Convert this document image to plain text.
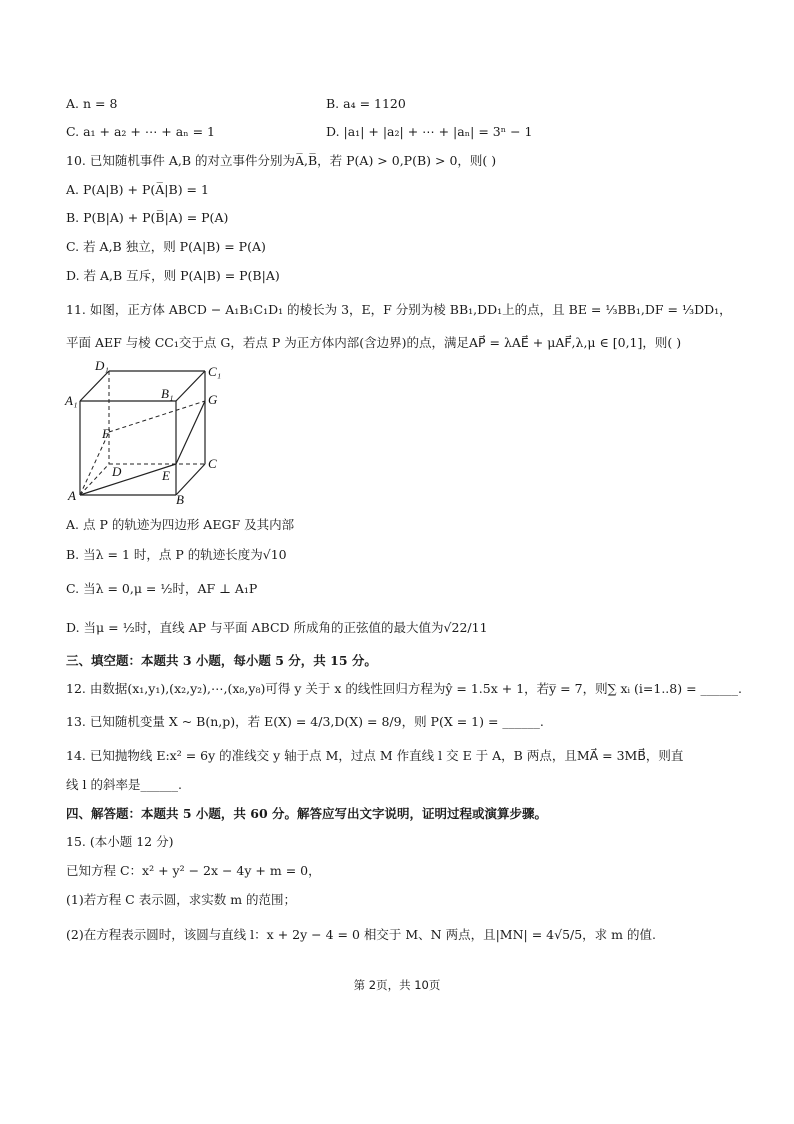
A. n = 8	B. a₄ = 1120
C. a₁ + a₂ + ⋯ + aₙ = 1	D. |a₁| + |a₂| + ⋯ + |aₙ| = 3ⁿ − 1
10. 已知随机事件 A,B 的对立事件分别为A̅,B̅，若 P(A) > 0,P(B) > 0，则( )
A. P(A|B) + P(A̅|B) = 1
B. P(B|A) + P(B̅|A) = P(A)
C. 若 A,B 独立，则 P(A|B) = P(A)
D. 若 A,B 互斥，则 P(A|B) = P(B|A)
11. 如图，正方体 ABCD − A₁B₁C₁D₁ 的棱长为 3，E，F 分别为棱 BB₁,DD₁上的点，且 BE = ⅓BB₁,DF = ⅓DD₁，
平面 AEF 与棱 CC₁交于点 G，若点 P 为正方体内部(含边界)的点，满足AP⃗ = λAE⃗ + μAF⃗,λ,μ ∈ [0,1]，则( )
D₁	C₁
A₁	B₁	G
F
D
C
E
A	B
A. 点 P 的轨迹为四边形 AEGF 及其内部
B. 当λ = 1 时，点 P 的轨迹长度为√10
C. 当λ = 0,μ = ½时，AF ⊥ A₁P
D. 当μ = ½时，直线 AP 与平面 ABCD 所成角的正弦值的最大值为√22/11
三、填空题：本题共 3 小题，每小题 5 分，共 15 分。
12. 由数据(x₁,y₁),(x₂,y₂),⋯,(x₈,y₈)可得 y 关于 x 的线性回归方程为ŷ = 1.5x + 1，若y̅ = 7，则∑ xᵢ (i=1..8) = ______.
13. 已知随机变量 X ~ B(n,p)，若 E(X) = 4/3,D(X) = 8/9，则 P(X = 1) = ______.
14. 已知抛物线 E:x² = 6y 的准线交 y 轴于点 M，过点 M 作直线 l 交 E 于 A，B 两点，且MA⃗ = 3MB⃗，则直
线 l 的斜率是______.
四、解答题：本题共 5 小题，共 60 分。解答应写出文字说明，证明过程或演算步骤。
15. (本小题 12 分)
已知方程 C：x² + y² − 2x − 4y + m = 0，
(1)若方程 C 表示圆，求实数 m 的范围；
(2)在方程表示圆时，该圆与直线 l：x + 2y − 4 = 0 相交于 M、N 两点，且|MN| = 4√5/5，求 m 的值.
第 2页，共 10页
